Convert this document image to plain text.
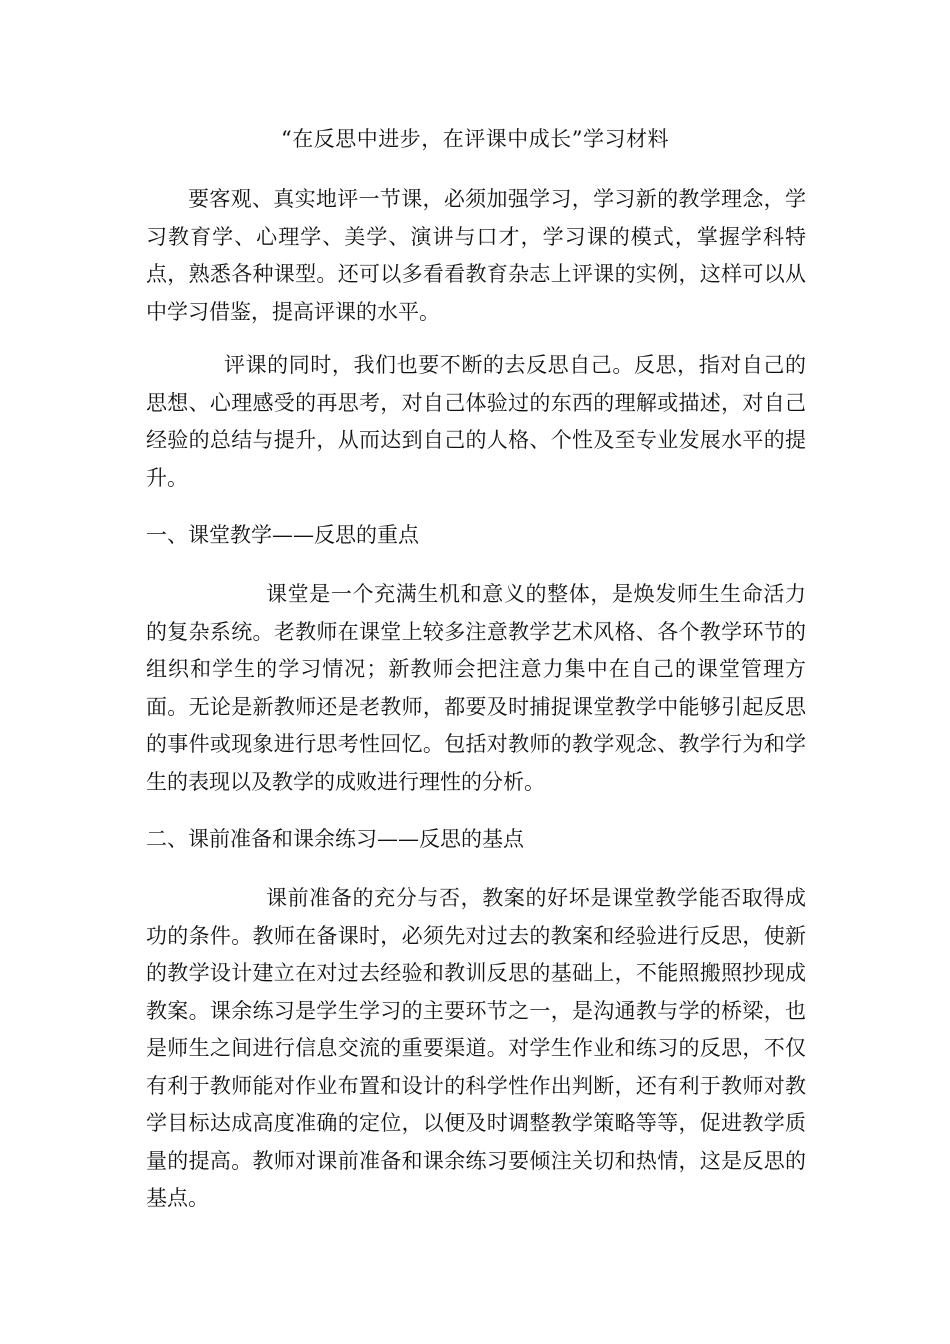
“在反思中进步，在评课中成长”学习材料

要客观、真实地评一节课，必须加强学习，学习新的教学理念，学习教育学、心理学、美学、演讲与口才，学习课的模式，掌握学科特点，熟悉各种课型。还可以多看看教育杂志上评课的实例，这样可以从中学习借鉴，提高评课的水平。

评课的同时，我们也要不断的去反思自己。反思，指对自己的思想、心理感受的再思考，对自己体验过的东西的理解或描述，对自己经验的总结与提升，从而达到自己的人格、个性及至专业发展水平的提升。

一、课堂教学——反思的重点

课堂是一个充满生机和意义的整体，是焕发师生生命活力的复杂系统。老教师在课堂上较多注意教学艺术风格、各个教学环节的组织和学生的学习情况；新教师会把注意力集中在自己的课堂管理方面。无论是新教师还是老教师，都要及时捕捉课堂教学中能够引起反思的事件或现象进行思考性回忆。包括对教师的教学观念、教学行为和学生的表现以及教学的成败进行理性的分析。

二、课前准备和课余练习——反思的基点

课前准备的充分与否，教案的好坏是课堂教学能否取得成功的条件。教师在备课时，必须先对过去的教案和经验进行反思，使新的教学设计建立在对过去经验和教训反思的基础上，不能照搬照抄现成教案。课余练习是学生学习的主要环节之一，是沟通教与学的桥梁，也是师生之间进行信息交流的重要渠道。对学生作业和练习的反思，不仅有利于教师能对作业布置和设计的科学性作出判断，还有利于教师对教学目标达成高度准确的定位，以便及时调整教学策略等等，促进教学质量的提高。教师对课前准备和课余练习要倾注关切和热情，这是反思的基点。
